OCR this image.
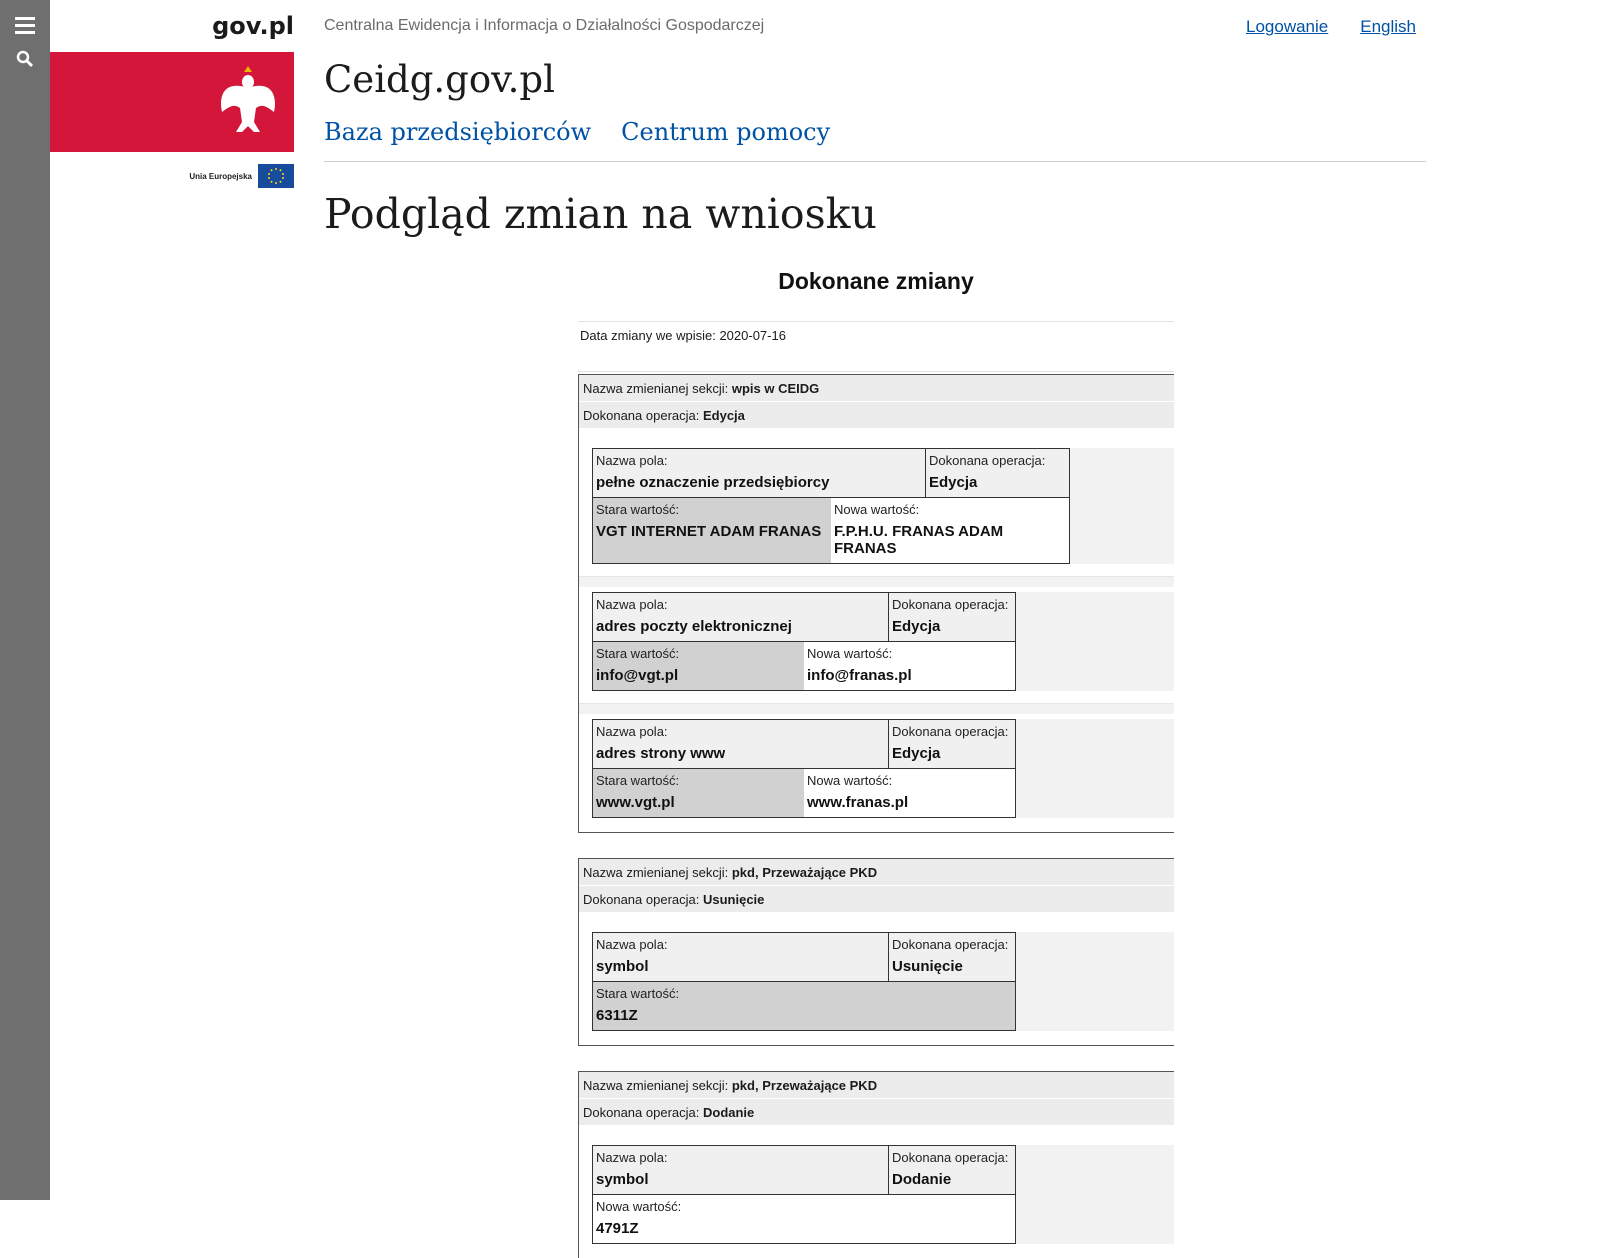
gov.pl
Unia Europejska
Centralna Ewidencja i Informacja o Działalności Gospodarczej	Logowanie English
Ceidg.gov.pl
Baza przedsiębiorców Centrum pomocy
Podgląd zmian na wniosku
Dokonane zmiany
Data zmiany we wpisie: 2020-07-16
Nazwa zmienianej sekcji: wpis w CEIDG
Dokonana operacja: Edycja
Nazwa pola:
pełne oznaczenie przedsiębiorcy
Dokonana operacja:
Edycja
Stara wartość:
VGT INTERNET ADAM FRANAS
Nowa wartość:
F.P.H.U. FRANAS ADAM FRANAS
Nazwa pola:
adres poczty elektronicznej
Dokonana operacja:
Edycja
Stara wartość:
info@vgt.pl
Nowa wartość:
info@franas.pl
Nazwa pola:
adres strony www
Dokonana operacja:
Edycja
Stara wartość:
www.vgt.pl
Nowa wartość:
www.franas.pl
Nazwa zmienianej sekcji: pkd, Przeważające PKD
Dokonana operacja: Usunięcie
Nazwa pola:
symbol
Dokonana operacja:
Usunięcie
Stara wartość:
6311Z
Nazwa zmienianej sekcji: pkd, Przeważające PKD
Dokonana operacja: Dodanie
Nazwa pola:
symbol
Dokonana operacja:
Dodanie
Nowa wartość:
4791Z
